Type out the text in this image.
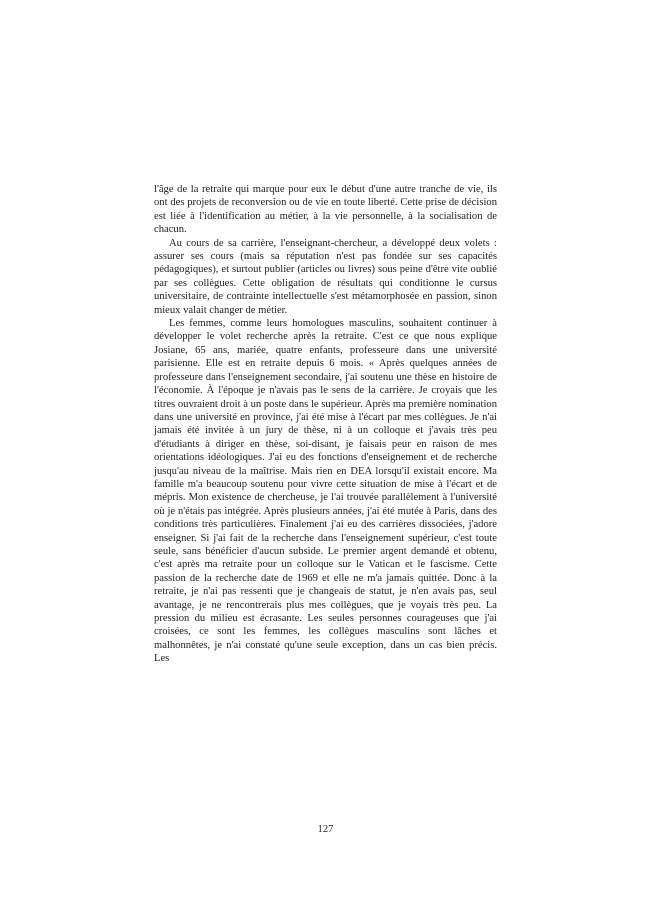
l'âge de la retraite qui marque pour eux le début d'une autre tranche de vie, ils ont des projets de reconversion ou de vie en toute liberté. Cette prise de décision est liée à l'identification au métier, à la vie personnelle, à la socialisation de chacun.

Au cours de sa carrière, l'enseignant-chercheur, a développé deux volets : assurer ses cours (mais sa réputation n'est pas fondée sur ses capacités pédagogiques), et surtout publier (articles ou livres) sous peine d'être vite oublié par ses collègues. Cette obligation de résultats qui conditionne le cursus universitaire, de contrainte intellectuelle s'est métamorphosée en passion, sinon mieux valait changer de métier.

Les femmes, comme leurs homologues masculins, souhaitent continuer à développer le volet recherche après la retraite. C'est ce que nous explique Josiane, 65 ans, mariée, quatre enfants, professeure dans une université parisienne. Elle est en retraite depuis 6 mois. « Après quelques années de professeure dans l'enseignement secondaire, j'ai soutenu une thèse en histoire de l'économie. À l'époque je n'avais pas le sens de la carrière. Je croyais que les titres ouvraient droit à un poste dans le supérieur. Après ma première nomination dans une université en province, j'ai été mise à l'écart par mes collègues. Je n'ai jamais été invitée à un jury de thèse, ni à un colloque et j'avais très peu d'étudiants à diriger en thèse, soi-disant, je faisais peur en raison de mes orientations idéologiques. J'ai eu des fonctions d'enseignement et de recherche jusqu'au niveau de la maîtrise. Mais rien en DEA lorsqu'il existait encore. Ma famille m'a beaucoup soutenu pour vivre cette situation de mise à l'écart et de mépris. Mon existence de chercheuse, je l'ai trouvée parallèlement à l'université où je n'étais pas intégrée. Après plusieurs années, j'ai été mutée à Paris, dans des conditions très particulières. Finalement j'ai eu des carrières dissociées, j'adore enseigner. Si j'ai fait de la recherche dans l'enseignement supérieur, c'est toute seule, sans bénéficier d'aucun subside. Le premier argent demandé et obtenu, c'est après ma retraite pour un colloque sur le Vatican et le fascisme. Cette passion de la recherche date de 1969 et elle ne m'a jamais quittée. Donc à la retraite, je n'ai pas ressenti que je changeais de statut, je n'en avais pas, seul avantage, je ne rencontrerais plus mes collègues, que je voyais très peu. La pression du milieu est écrasante. Les seules personnes courageuses que j'ai croisées, ce sont les femmes, les collègues masculins sont lâches et malhonnêtes, je n'ai constaté qu'une seule exception, dans un cas bien précis. Les

127
